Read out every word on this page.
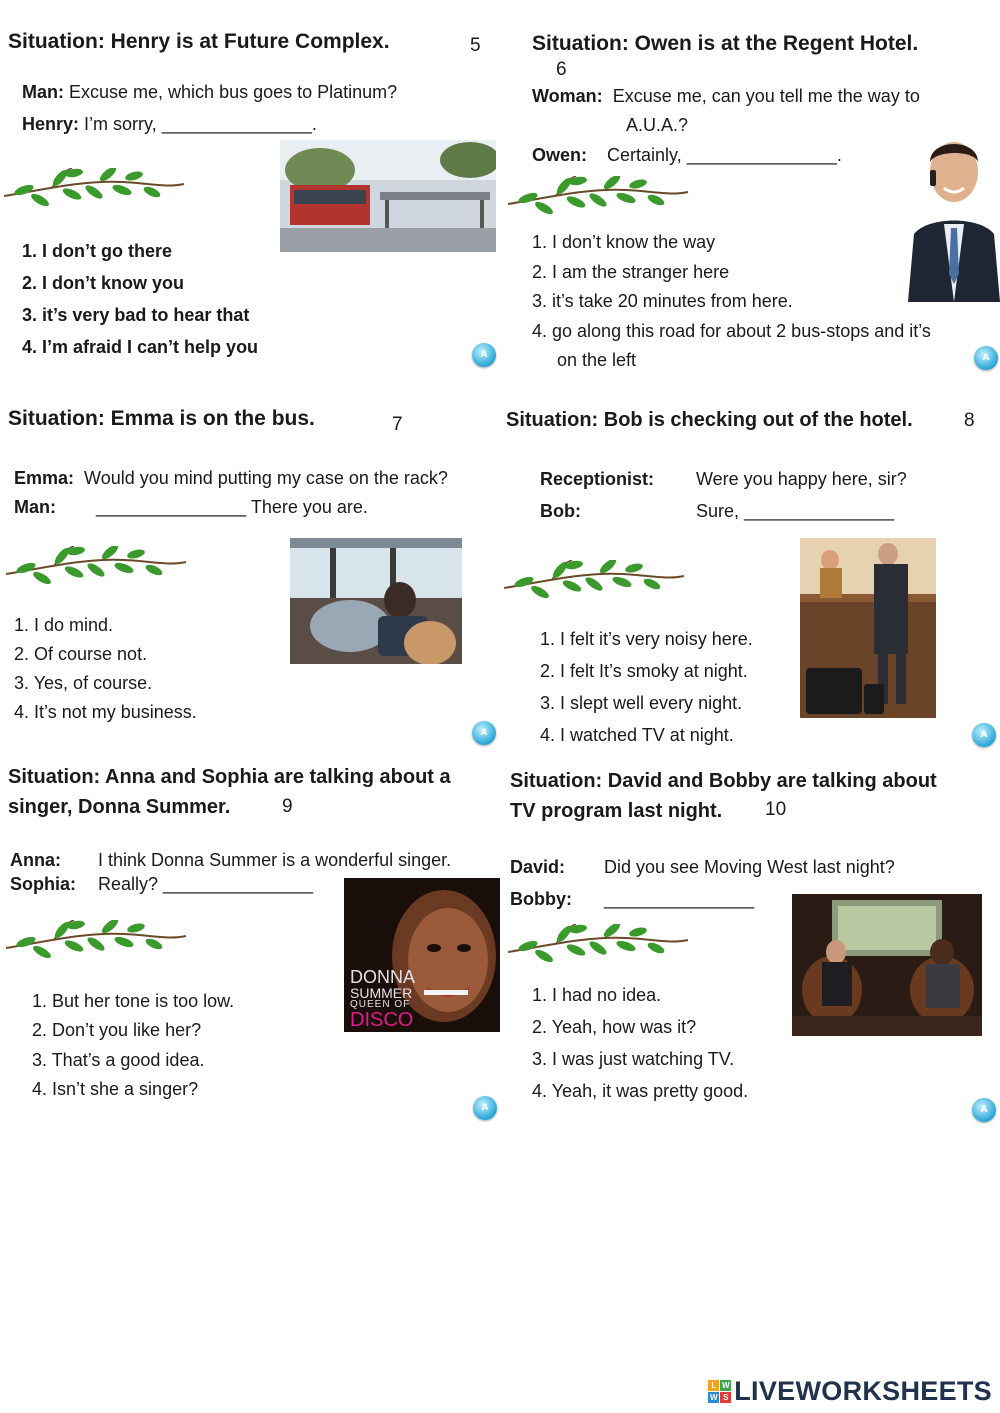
Situation: Henry is at Future Complex.	5
Man: Excuse me, which bus goes to Platinum?
Henry: I’m sorry, _______________.
1. I don’t go there
2. I don’t know you
3. it’s very bad to hear that
4. I’m afraid I can’t help you	A
Situation: Owen is at the Regent Hotel.
6
Woman: Excuse me, can you tell me the way to
A.U.A.?
Owen: Certainly, _______________.
1. I don’t know the way
2. I am the stranger here
3. it’s take 20 minutes from here.
4. go along this road for about 2 bus-stops and it’s
on the left	A
Situation: Emma is on the bus.	7
Emma: Would you mind putting my case on the rack?
Man: _______________ There you are.
1. I do mind.
2. Of course not.
3. Yes, of course.
4. It’s not my business.
A
Situation: Bob is checking out of the hotel.	8
Receptionist: Were you happy here, sir?
Bob:	Sure, _______________
1. I felt it’s very noisy here.
2. I felt It’s smoky at night.
3. I slept well every night.
4. I watched TV at night.	A
Situation: Anna and Sophia are talking about a
singer, Donna Summer.	9
Anna: I think Donna Summer is a wonderful singer.
Sophia: Really? _______________
DONNA
SUMMER
QUEEN OF
DISCO
1. But her tone is too low.
2. Don’t you like her?
3. That’s a good idea.
4. Isn’t she a singer?
A
Situation: David and Bobby are talking about
TV program last night. 10
David: Did you see Moving West last night?
Bobby: _______________
1. I had no idea.
2. Yeah, how was it?
3. I was just watching TV.
4. Yeah, it was pretty good.
A
L W
W S LIVEWORKSHEETS
